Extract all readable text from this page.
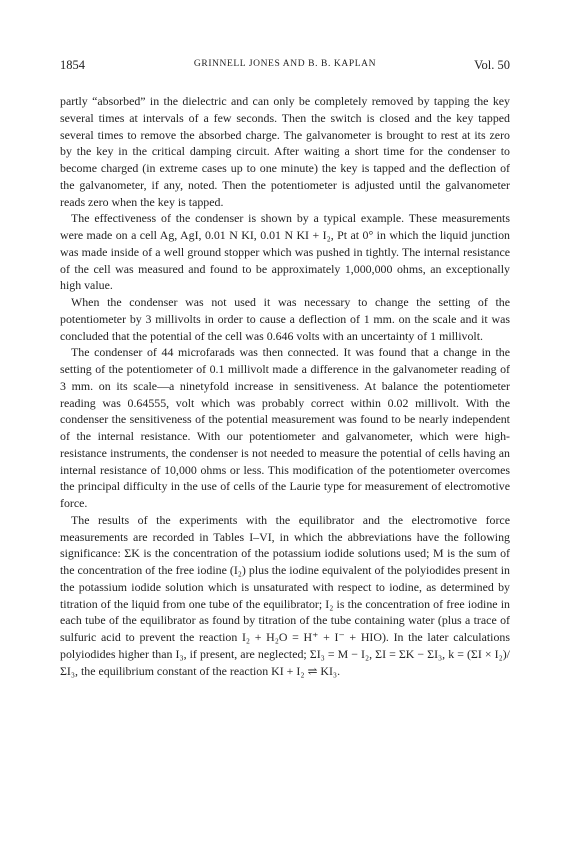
1854	GRINNELL JONES AND B. B. KAPLAN	Vol. 50

partly “absorbed” in the dielectric and can only be completely removed by tapping the key several times at intervals of a few seconds. Then the switch is closed and the key tapped several times to remove the absorbed charge. The galvanometer is brought to rest at its zero by the key in the critical damping circuit. After waiting a short time for the condenser to become charged (in extreme cases up to one minute) the key is tapped and the deflection of the galvanometer, if any, noted. Then the potentiometer is adjusted until the galvanometer reads zero when the key is tapped.

The effectiveness of the condenser is shown by a typical example. These measurements were made on a cell Ag, AgI, 0.01 N KI, 0.01 N KI + I₂, Pt at 0° in which the liquid junction was made inside of a well ground stopper which was pushed in tightly. The internal resistance of the cell was measured and found to be approximately 1,000,000 ohms, an exceptionally high value.

When the condenser was not used it was necessary to change the setting of the potentiometer by 3 millivolts in order to cause a deflection of 1 mm. on the scale and it was concluded that the potential of the cell was 0.646 volts with an uncertainty of 1 millivolt.

The condenser of 44 microfarads was then connected. It was found that a change in the setting of the potentiometer of 0.1 millivolt made a difference in the galvanometer reading of 3 mm. on its scale—a ninetyfold increase in sensitiveness. At balance the potentiometer reading was 0.64555, volt which was probably correct within 0.02 millivolt. With the condenser the sensitiveness of the potential measurement was found to be nearly independent of the internal resistance. With our potentiometer and galvanometer, which were high-resistance instruments, the condenser is not needed to measure the potential of cells having an internal resistance of 10,000 ohms or less. This modification of the potentiometer overcomes the principal difficulty in the use of cells of the Laurie type for measurement of electromotive force.

The results of the experiments with the equilibrator and the electromotive force measurements are recorded in Tables I–VI, in which the abbreviations have the following significance: ΣK is the concentration of the potassium iodide solutions used; M is the sum of the concentration of the free iodine (I₂) plus the iodine equivalent of the polyiodides present in the potassium iodide solution which is unsaturated with respect to iodine, as determined by titration of the liquid from one tube of the equilibrator; I₂ is the concentration of free iodine in each tube of the equilibrator as found by titration of the tube containing water (plus a trace of sulfuric acid to prevent the reaction I₂ + H₂O = H⁺ + I⁻ + HIO). In the later calculations polyiodides higher than I₃, if present, are neglected; ΣI₃ = M − I₂, ΣI = ΣK − ΣI₃, k = (ΣI × I₂)/ΣI₃, the equilibrium constant of the reaction KI + I₂ ⇌ KI₃.
